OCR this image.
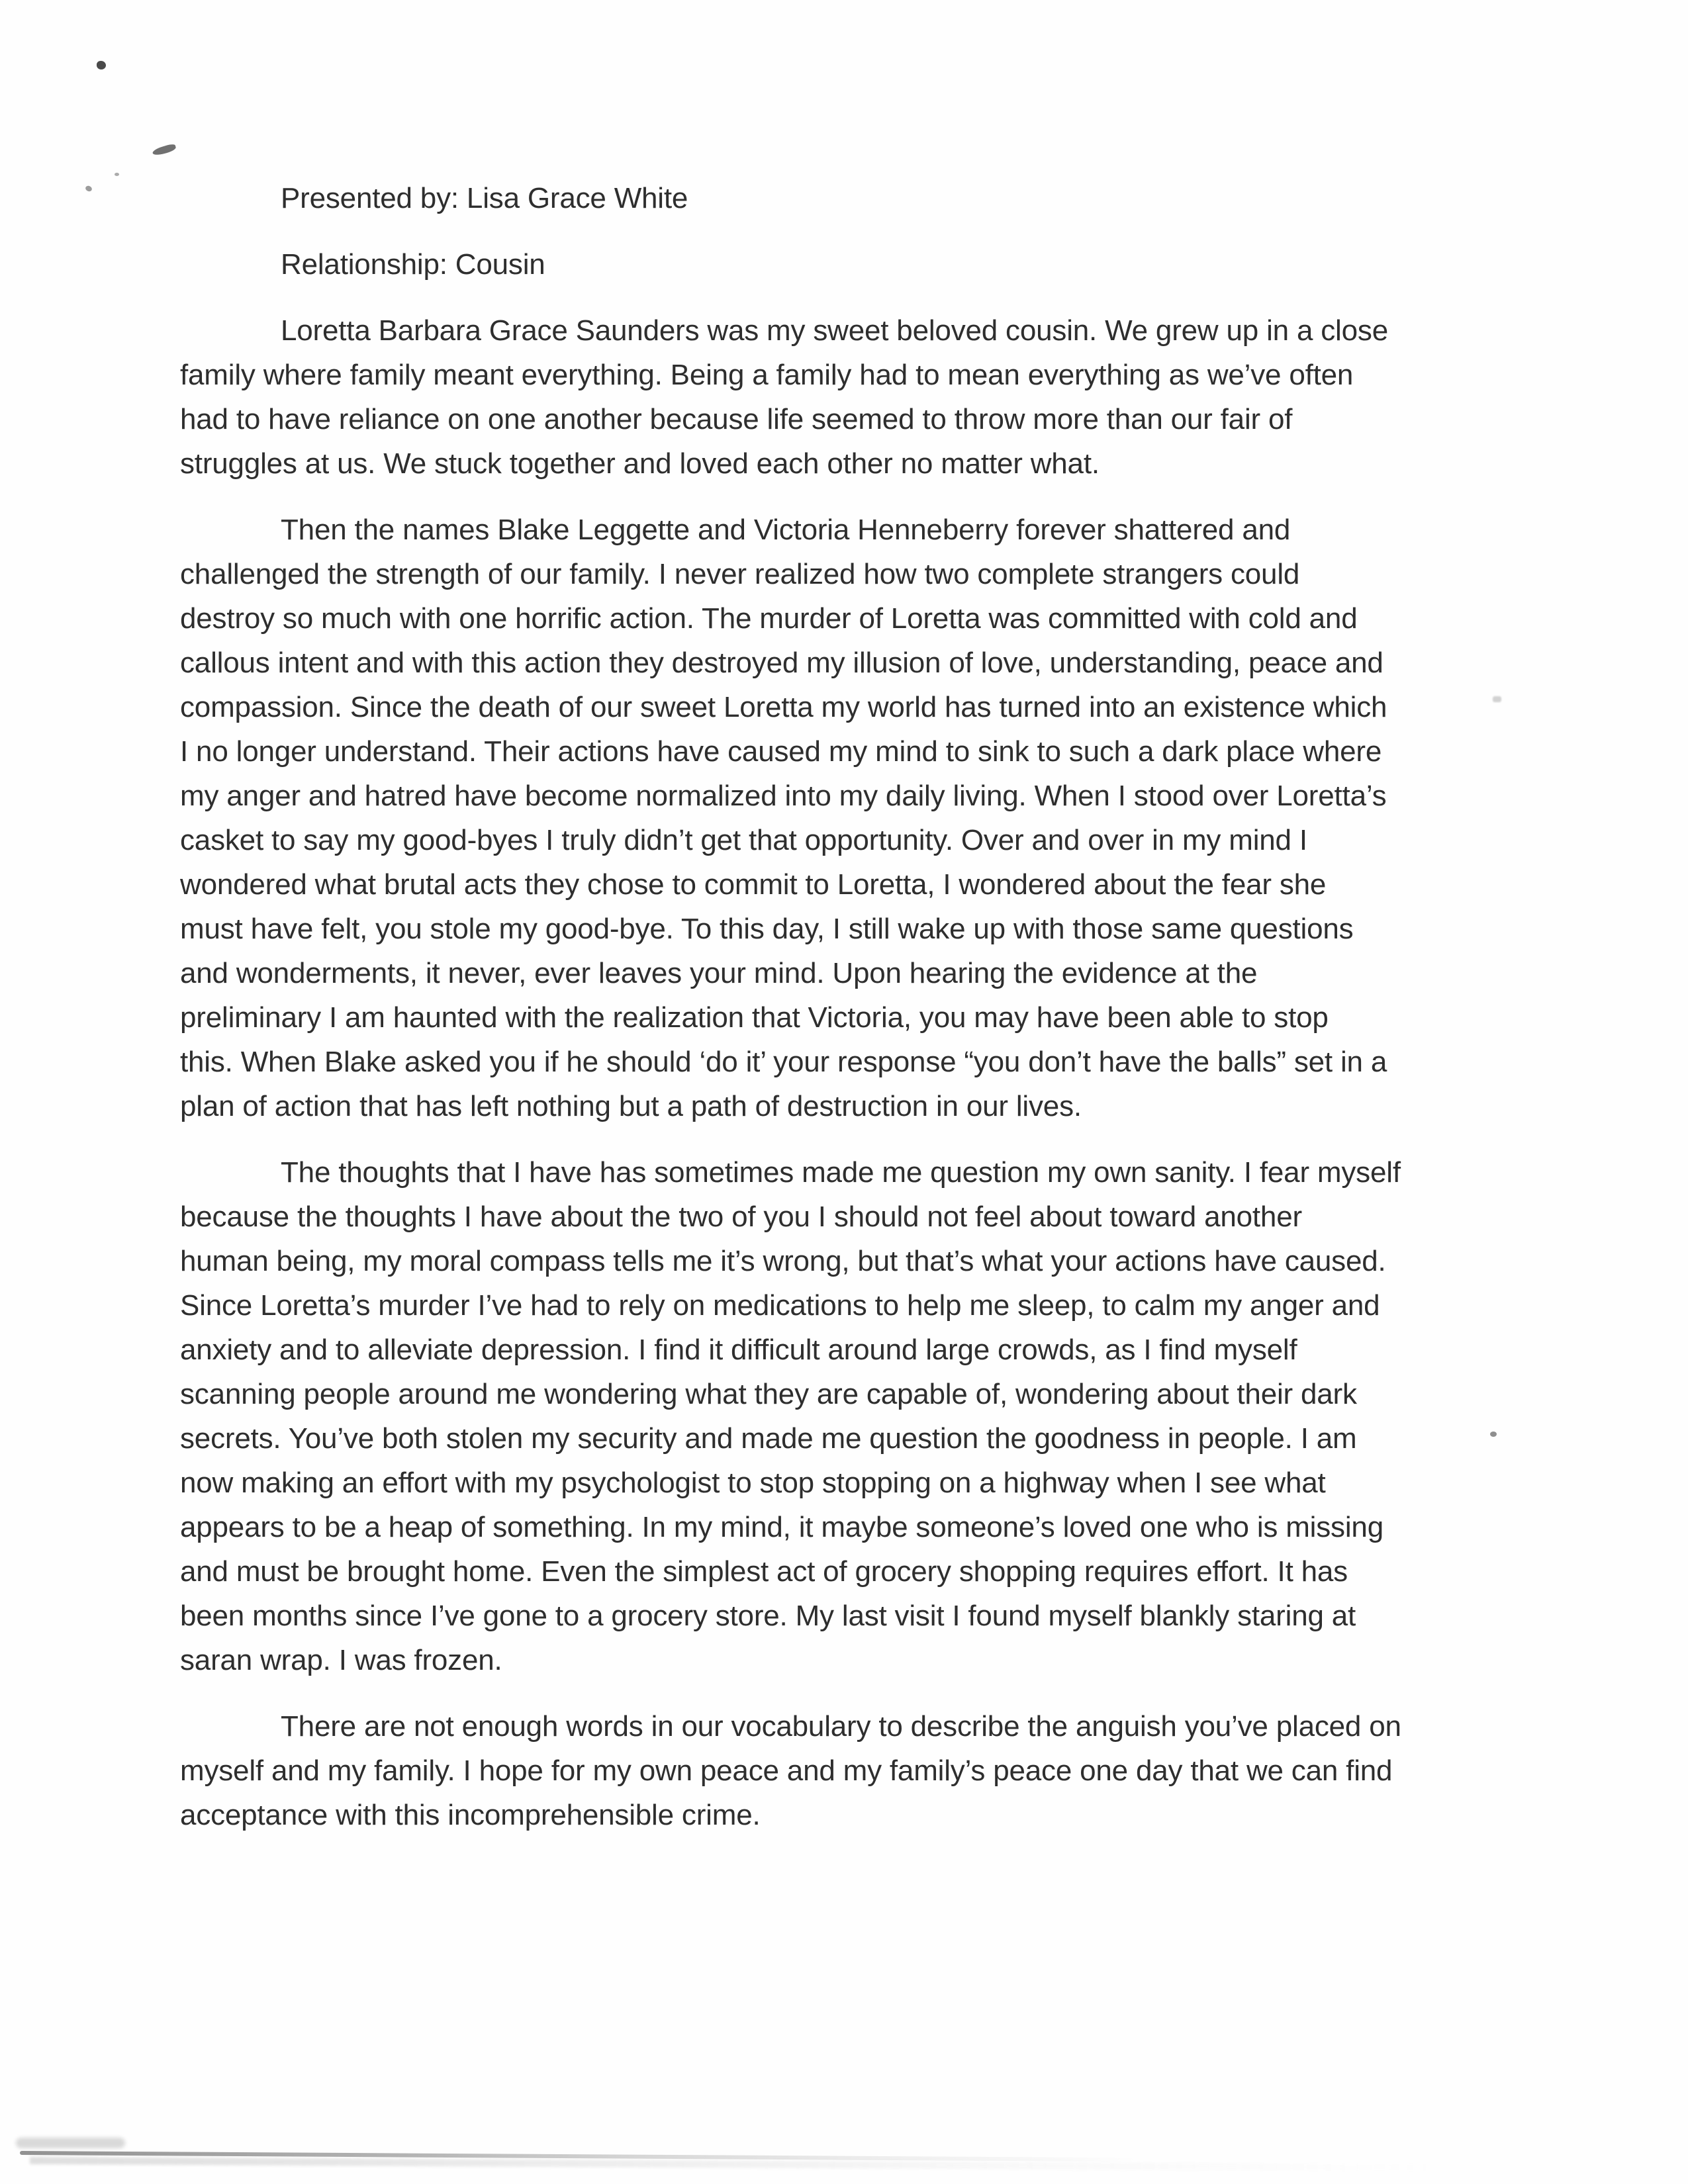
Presented by: Lisa Grace White
Relationship: Cousin
Loretta Barbara Grace Saunders was my sweet beloved cousin. We grew up in a close
family where family meant everything. Being a family had to mean everything as we’ve often
had to have reliance on one another because life seemed to throw more than our fair of
struggles at us. We stuck together and loved each other no matter what.
Then the names Blake Leggette and Victoria Henneberry forever shattered and
challenged the strength of our family. I never realized how two complete strangers could
destroy so much with one horrific action. The murder of Loretta was committed with cold and
callous intent and with this action they destroyed my illusion of love, understanding, peace and
compassion. Since the death of our sweet Loretta my world has turned into an existence which
I no longer understand. Their actions have caused my mind to sink to such a dark place where
my anger and hatred have become normalized into my daily living. When I stood over Loretta’s
casket to say my good-byes I truly didn’t get that opportunity. Over and over in my mind I
wondered what brutal acts they chose to commit to Loretta, I wondered about the fear she
must have felt, you stole my good-bye. To this day, I still wake up with those same questions
and wonderments, it never, ever leaves your mind. Upon hearing the evidence at the
preliminary I am haunted with the realization that Victoria, you may have been able to stop
this. When Blake asked you if he should ‘do it’ your response “you don’t have the balls” set in a
plan of action that has left nothing but a path of destruction in our lives.
The thoughts that I have has sometimes made me question my own sanity. I fear myself
because the thoughts I have about the two of you I should not feel about toward another
human being, my moral compass tells me it’s wrong, but that’s what your actions have caused.
Since Loretta’s murder I’ve had to rely on medications to help me sleep, to calm my anger and
anxiety and to alleviate depression. I find it difficult around large crowds, as I find myself
scanning people around me wondering what they are capable of, wondering about their dark
secrets. You’ve both stolen my security and made me question the goodness in people. I am
now making an effort with my psychologist to stop stopping on a highway when I see what
appears to be a heap of something. In my mind, it maybe someone’s loved one who is missing
and must be brought home. Even the simplest act of grocery shopping requires effort. It has
been months since I’ve gone to a grocery store. My last visit I found myself blankly staring at
saran wrap. I was frozen.
There are not enough words in our vocabulary to describe the anguish you’ve placed on
myself and my family. I hope for my own peace and my family’s peace one day that we can find
acceptance with this incomprehensible crime.
